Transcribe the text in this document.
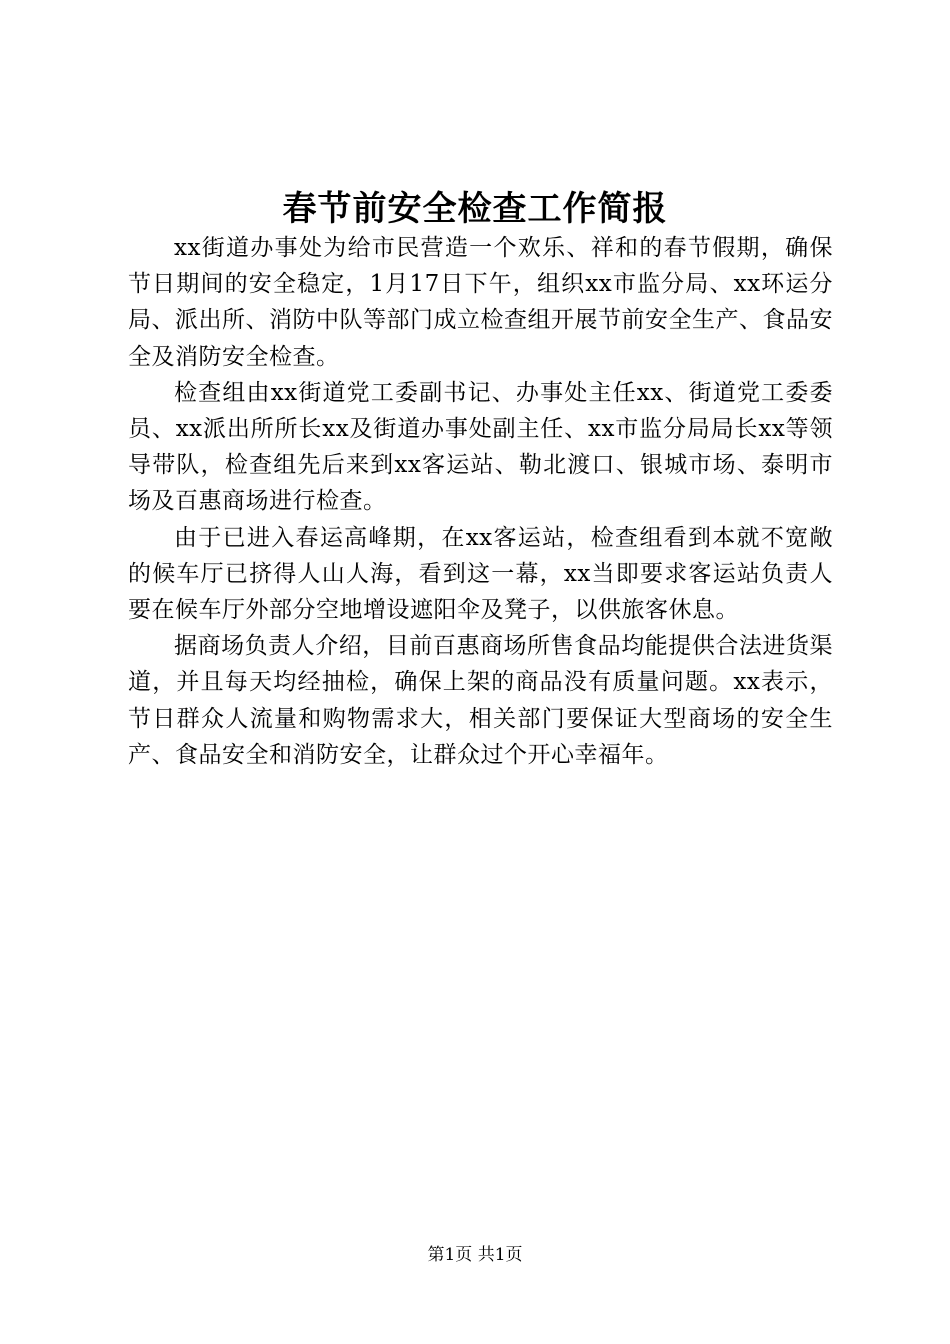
春节前安全检查工作简报

xx街道办事处为给市民营造一个欢乐、祥和的春节假期，确保节日期间的安全稳定，1月17日下午，组织xx市监分局、xx环运分局、派出所、消防中队等部门成立检查组开展节前安全生产、食品安全及消防安全检查。

检查组由xx街道党工委副书记、办事处主任xx、街道党工委委员、xx派出所所长xx及街道办事处副主任、xx市监分局局长xx等领导带队，检查组先后来到xx客运站、勒北渡口、银城市场、泰明市场及百惠商场进行检查。

由于已进入春运高峰期，在xx客运站，检查组看到本就不宽敞的候车厅已挤得人山人海，看到这一幕，xx当即要求客运站负责人要在候车厅外部分空地增设遮阳伞及凳子，以供旅客休息。

据商场负责人介绍，目前百惠商场所售食品均能提供合法进货渠道，并且每天均经抽检，确保上架的商品没有质量问题。xx表示，节日群众人流量和购物需求大，相关部门要保证大型商场的安全生产、食品安全和消防安全，让群众过个开心幸福年。

第1页 共1页
